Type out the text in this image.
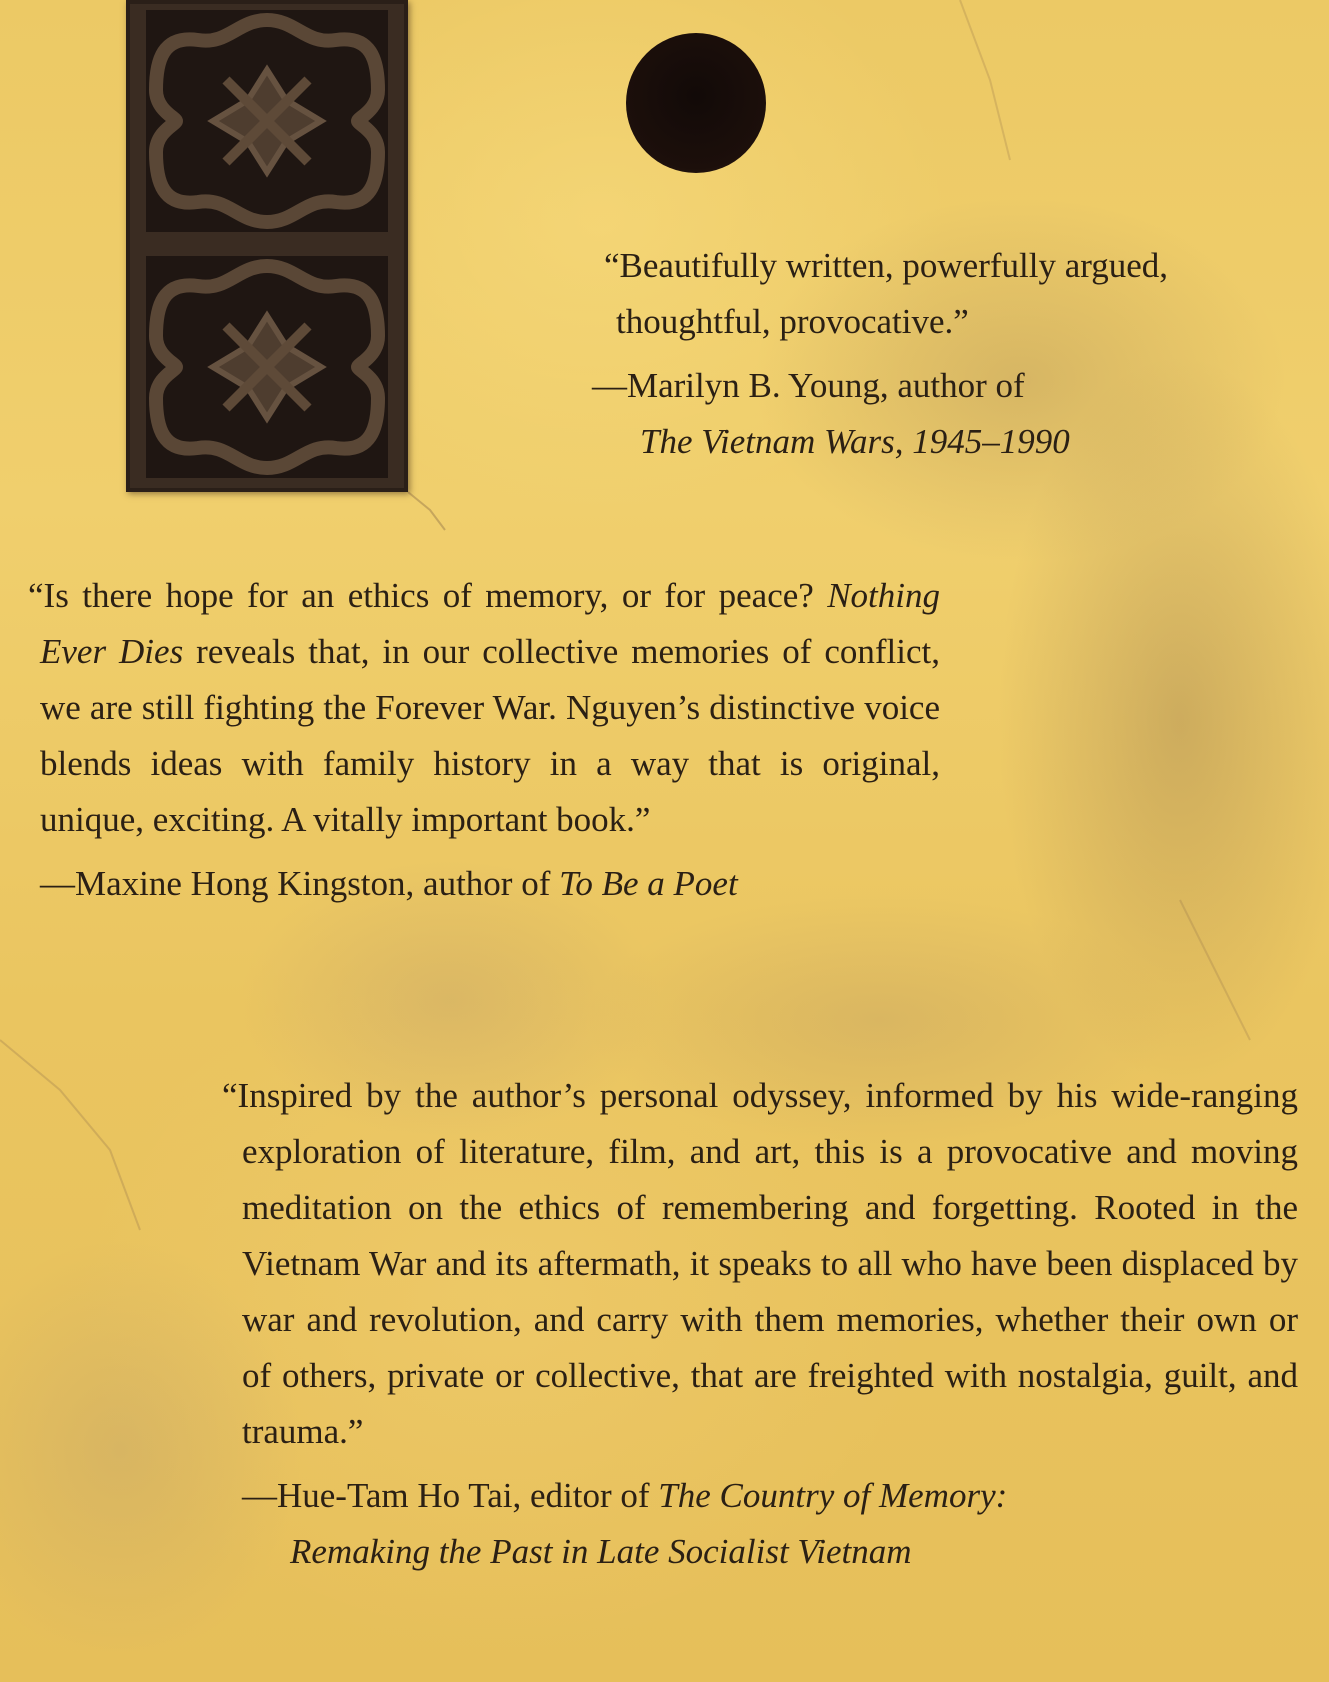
“Beautifully written, powerfully argued, thoughtful, provocative.”

—Marilyn B. Young, author of
The Vietnam Wars, 1945–1990

“Is there hope for an ethics of memory, or for peace? Nothing Ever Dies reveals that, in our collective memories of conflict, we are still fighting the Forever War. Nguyen’s distinctive voice blends ideas with family history in a way that is original, unique, exciting. A vitally important book.”

—Maxine Hong Kingston, author of To Be a Poet

“Inspired by the author’s personal odyssey, informed by his wide-ranging exploration of literature, film, and art, this is a provocative and moving meditation on the ethics of remembering and forgetting. Rooted in the Vietnam War and its aftermath, it speaks to all who have been displaced by war and revolution, and carry with them memories, whether their own or of others, private or collective, that are freighted with nostalgia, guilt, and trauma.”

—Hue-Tam Ho Tai, editor of The Country of Memory:
Remaking the Past in Late Socialist Vietnam
